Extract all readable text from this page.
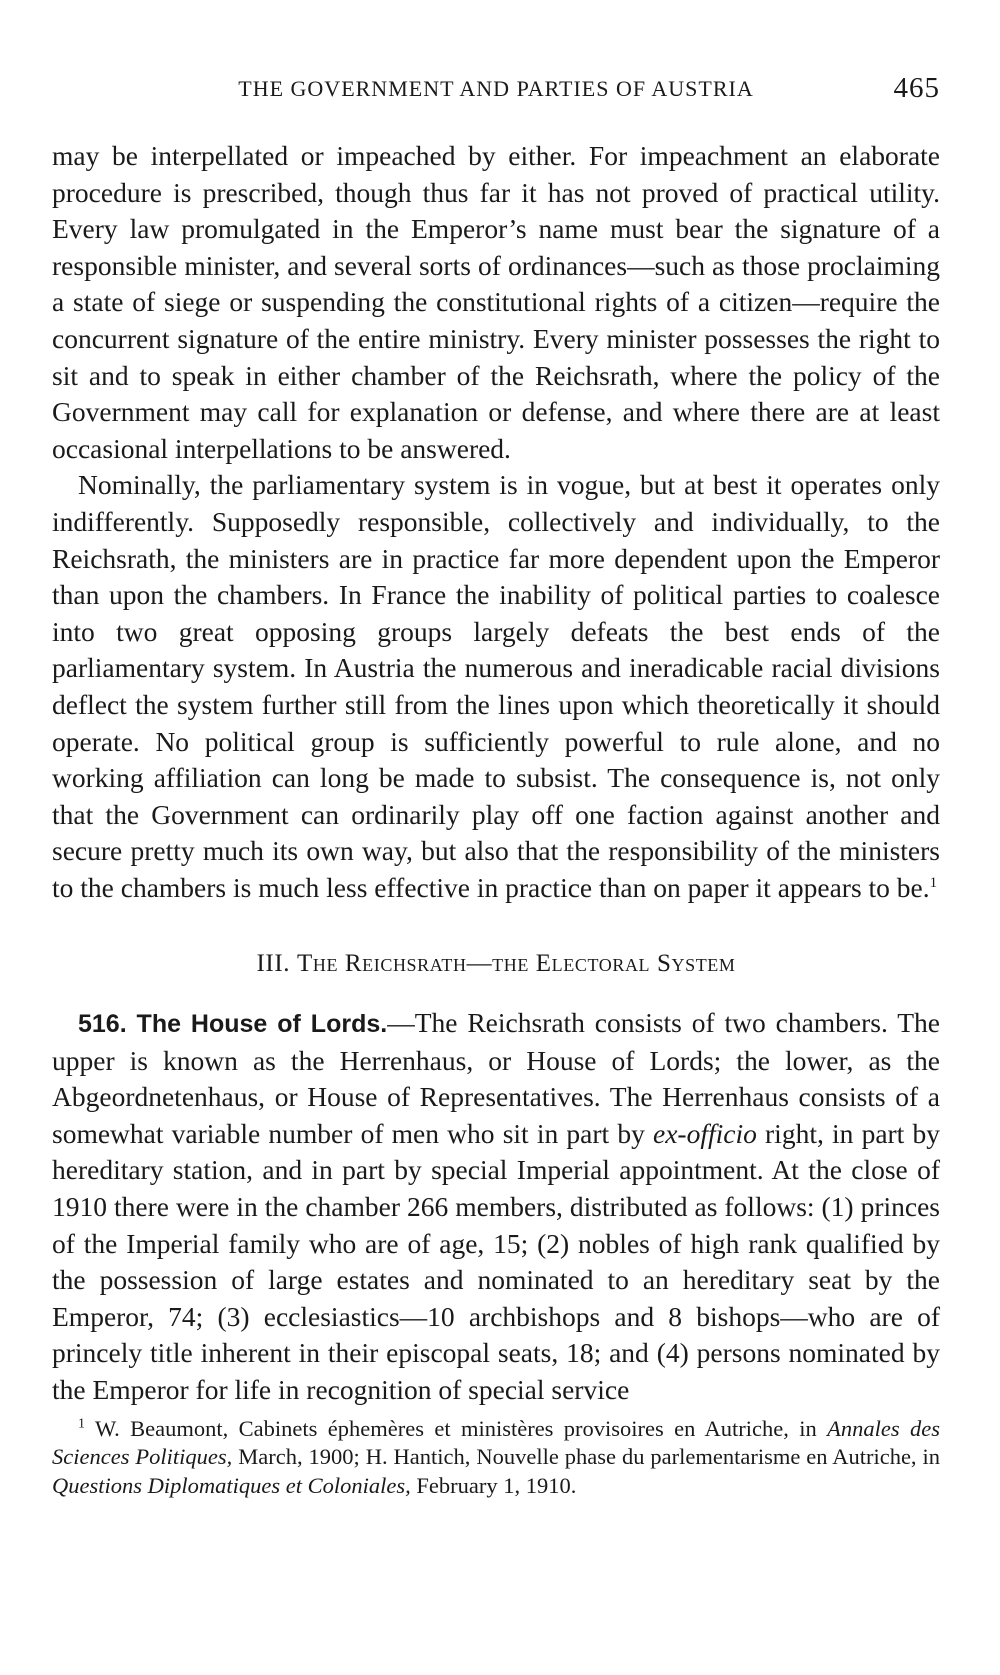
THE GOVERNMENT AND PARTIES OF AUSTRIA	465

may be interpellated or impeached by either. For impeachment an elaborate procedure is prescribed, though thus far it has not proved of practical utility. Every law promulgated in the Emperor’s name must bear the signature of a responsible minister, and several sorts of ordinances—such as those proclaiming a state of siege or suspending the constitutional rights of a citizen—require the concurrent signature of the entire ministry. Every minister possesses the right to sit and to speak in either chamber of the Reichsrath, where the policy of the Government may call for explanation or defense, and where there are at least occasional interpellations to be answered.

Nominally, the parliamentary system is in vogue, but at best it operates only indifferently. Supposedly responsible, collectively and individually, to the Reichsrath, the ministers are in practice far more dependent upon the Emperor than upon the chambers. In France the inability of political parties to coalesce into two great opposing groups largely defeats the best ends of the parliamentary system. In Austria the numerous and ineradicable racial divisions deflect the system further still from the lines upon which theoretically it should operate. No political group is sufficiently powerful to rule alone, and no working affiliation can long be made to subsist. The consequence is, not only that the Government can ordinarily play off one faction against another and secure pretty much its own way, but also that the responsibility of the ministers to the chambers is much less effective in practice than on paper it appears to be.$^1$

III. The Reichsrath—the Electoral System

516. The House of Lords.—The Reichsrath consists of two chambers. The upper is known as the Herrenhaus, or House of Lords; the lower, as the Abgeordnetenhaus, or House of Representatives. The Herrenhaus consists of a somewhat variable number of men who sit in part by ex-officio right, in part by hereditary station, and in part by special Imperial appointment. At the close of 1910 there were in the chamber 266 members, distributed as follows: (1) princes of the Imperial family who are of age, 15; (2) nobles of high rank qualified by the possession of large estates and nominated to an hereditary seat by the Emperor, 74; (3) ecclesiastics—10 archbishops and 8 bishops—who are of princely title inherent in their episcopal seats, 18; and (4) persons nominated by the Emperor for life in recognition of special service

$^1$ W. Beaumont, Cabinets éphemères et ministères provisoires en Autriche, in Annales des Sciences Politiques, March, 1900; H. Hantich, Nouvelle phase du parlementarisme en Autriche, in Questions Diplomatiques et Coloniales, February 1, 1910.
